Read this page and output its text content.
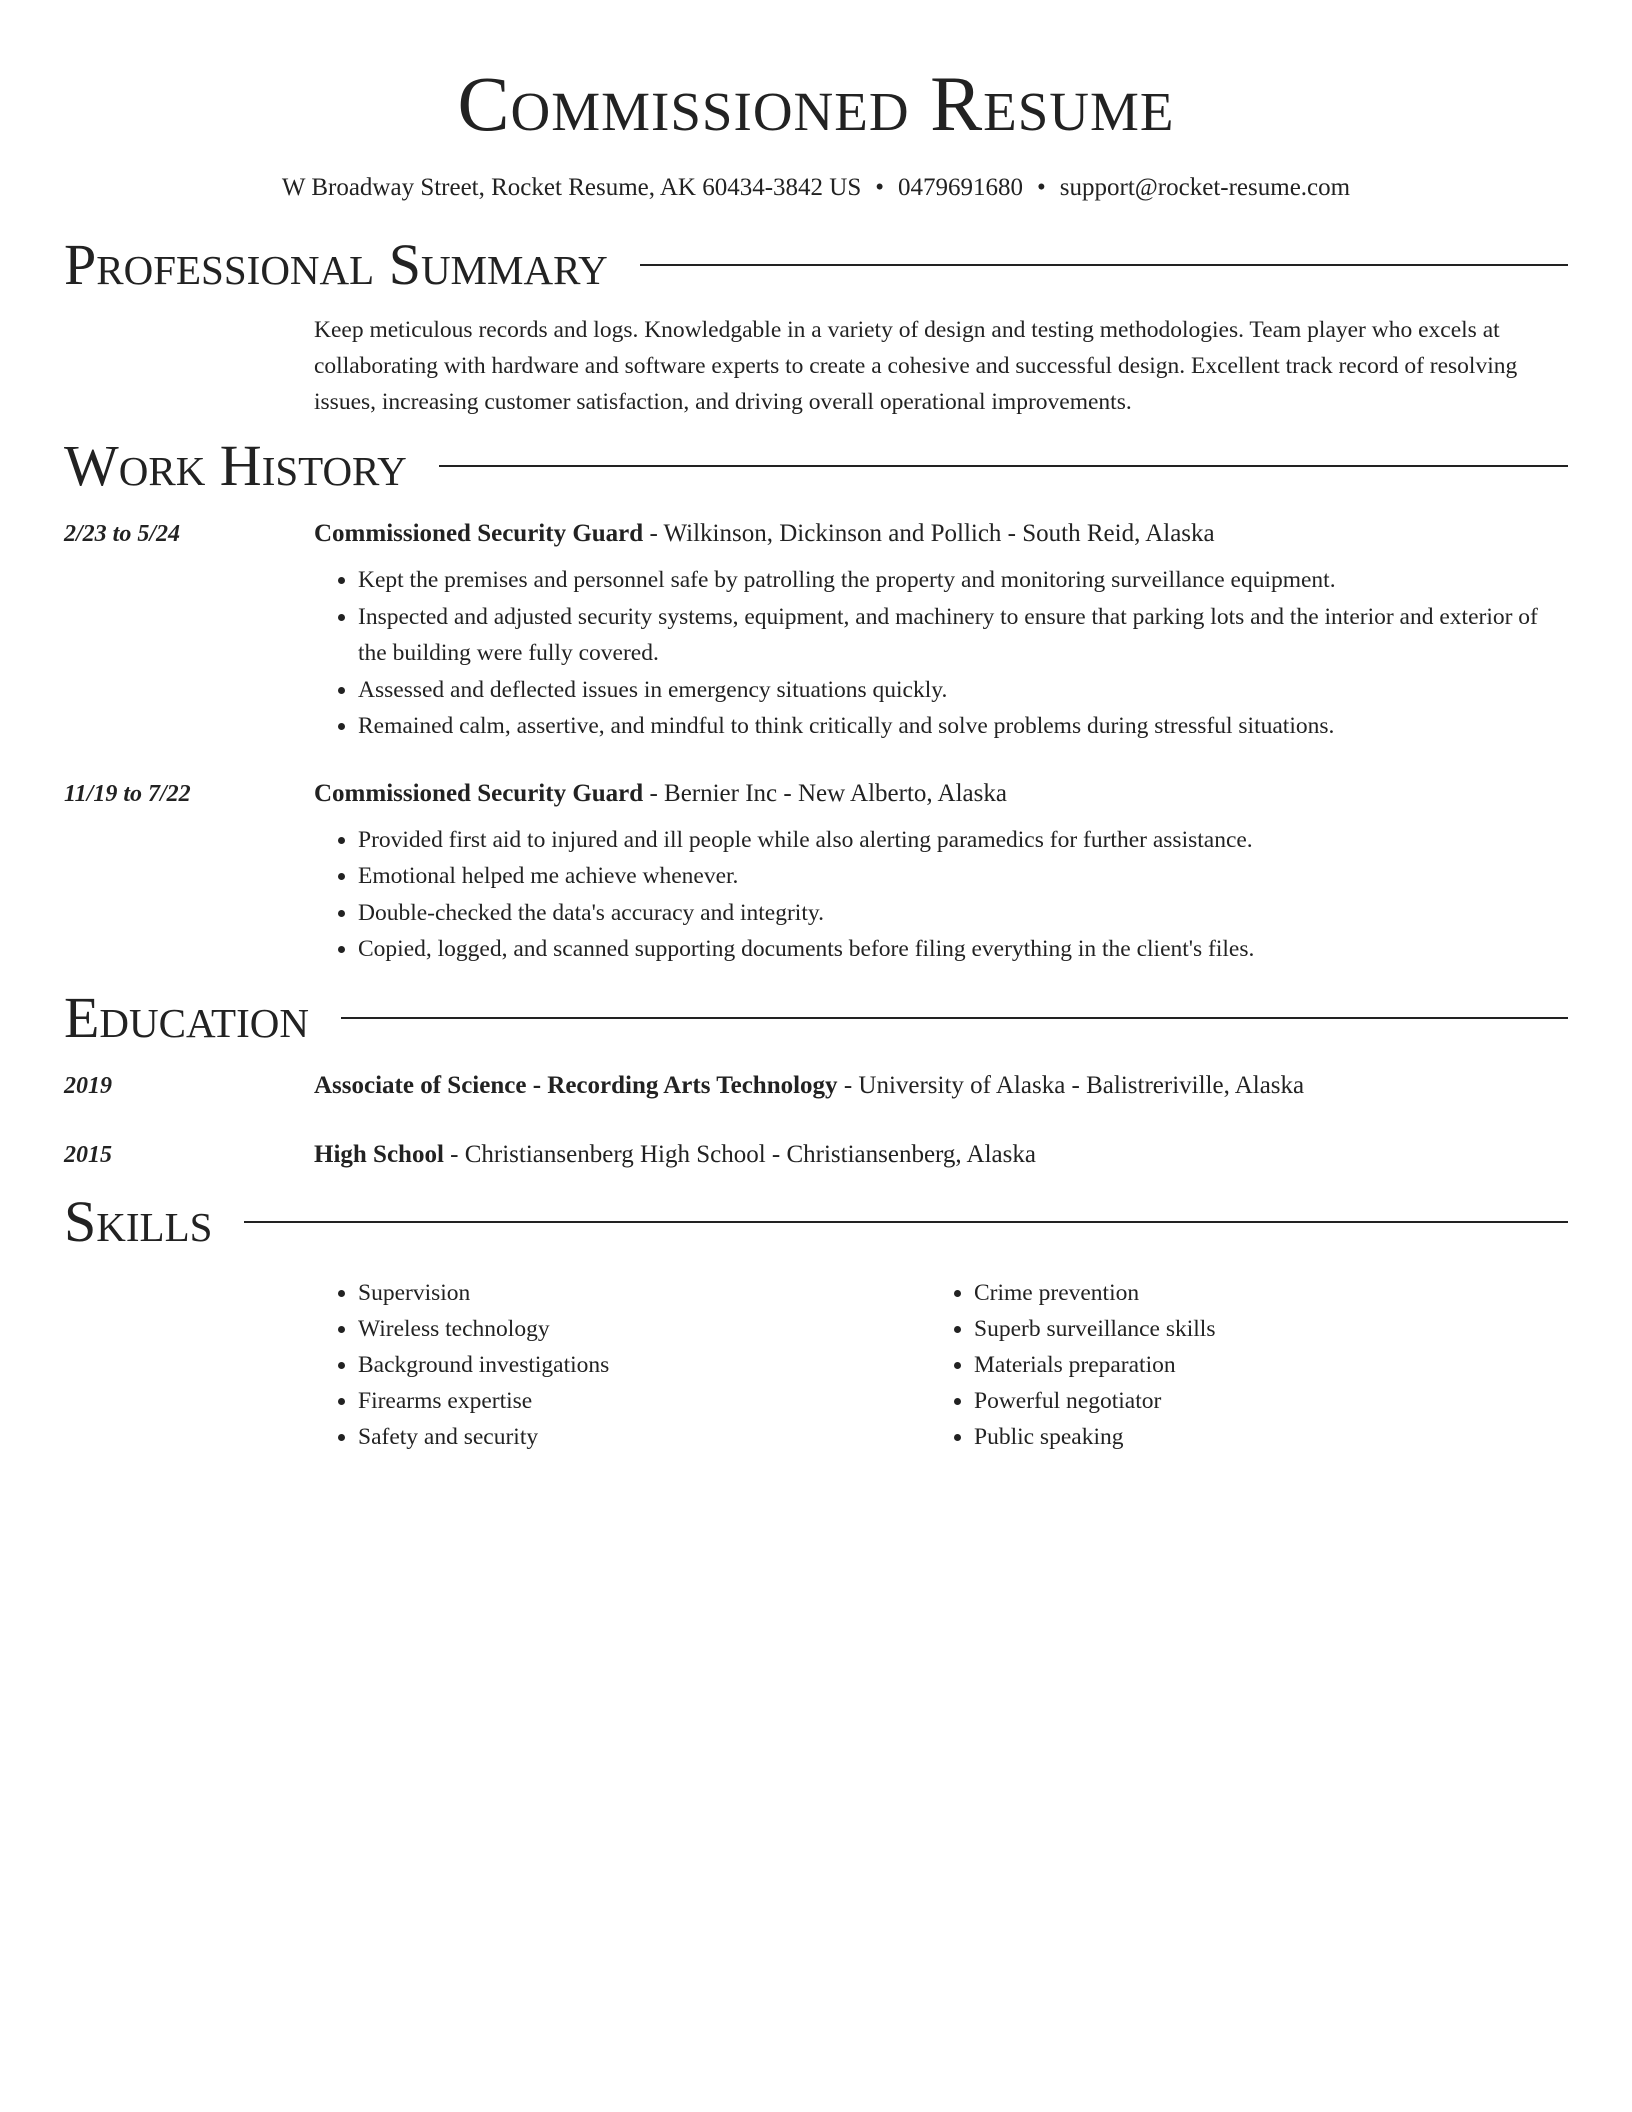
Commissioned Resume
W Broadway Street, Rocket Resume, AK 60434-3842 US • 0479691680 • support@rocket-resume.com
Professional Summary
Keep meticulous records and logs. Knowledgable in a variety of design and testing methodologies. Team player who excels at collaborating with hardware and software experts to create a cohesive and successful design. Excellent track record of resolving issues, increasing customer satisfaction, and driving overall operational improvements.
Work History
2/23 to 5/24	Commissioned Security Guard - Wilkinson, Dickinson and Pollich - South Reid, Alaska
• Kept the premises and personnel safe by patrolling the property and monitoring surveillance equipment.
• Inspected and adjusted security systems, equipment, and machinery to ensure that parking lots and the interior and exterior of the building were fully covered.
• Assessed and deflected issues in emergency situations quickly.
• Remained calm, assertive, and mindful to think critically and solve problems during stressful situations.
11/19 to 7/22	Commissioned Security Guard - Bernier Inc - New Alberto, Alaska
• Provided first aid to injured and ill people while also alerting paramedics for further assistance.
• Emotional helped me achieve whenever.
• Double-checked the data's accuracy and integrity.
• Copied, logged, and scanned supporting documents before filing everything in the client's files.
Education
2019	Associate of Science - Recording Arts Technology - University of Alaska - Balistreriville, Alaska
2015	High School - Christiansenberg High School - Christiansenberg, Alaska
Skills
• Supervision
• Wireless technology
• Background investigations
• Firearms expertise
• Safety and security
• Crime prevention
• Superb surveillance skills
• Materials preparation
• Powerful negotiator
• Public speaking
